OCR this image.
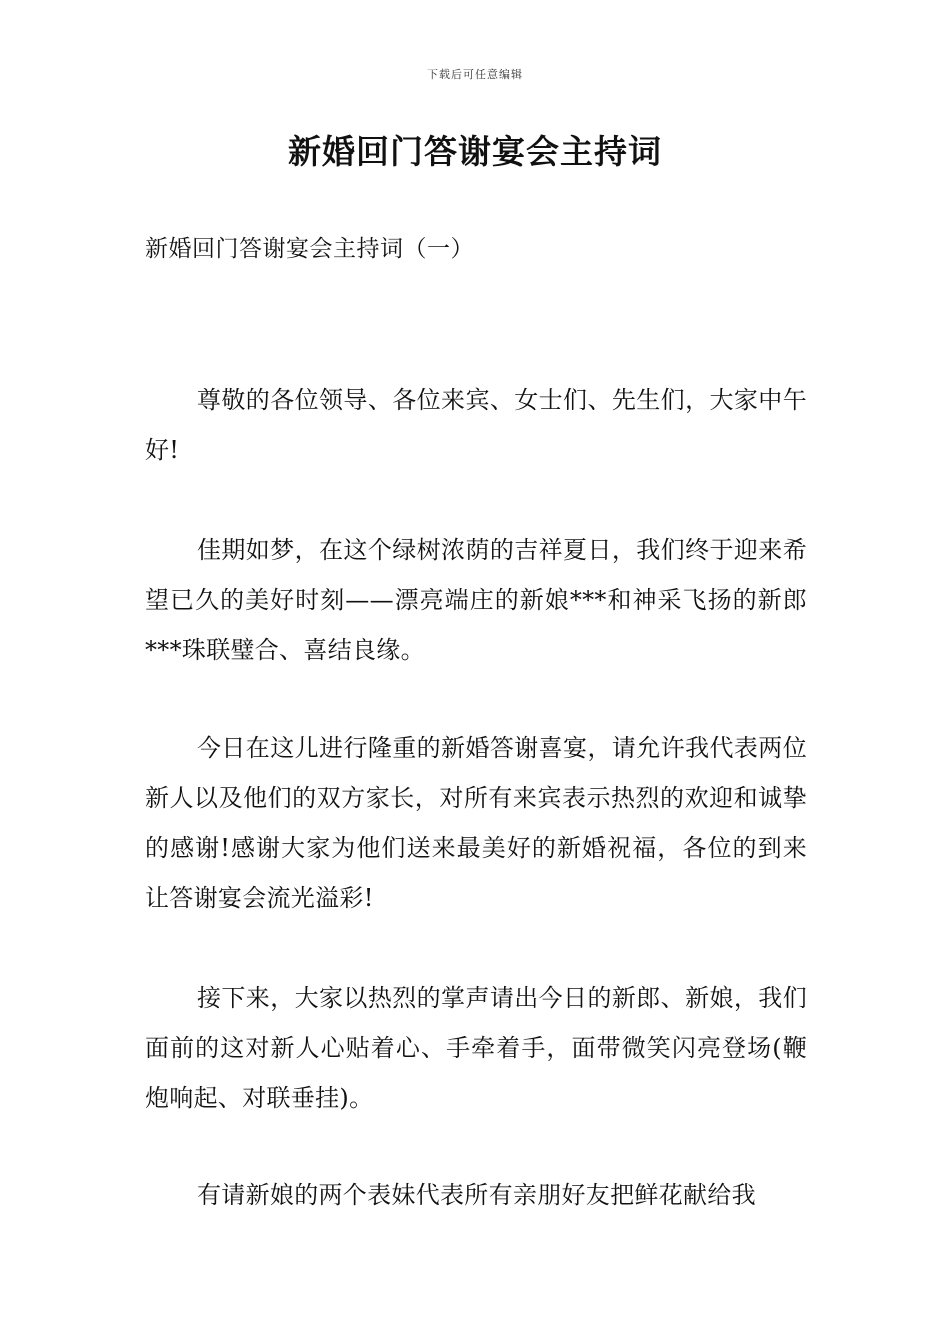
下载后可任意编辑
新婚回门答谢宴会主持词

新婚回门答谢宴会主持词（一）

尊敬的各位领导、各位来宾、女士们、先生们，大家中午好!

佳期如梦，在这个绿树浓荫的吉祥夏日，我们终于迎来希望已久的美好时刻——漂亮端庄的新娘***和神采飞扬的新郎***珠联璧合、喜结良缘。

今日在这儿进行隆重的新婚答谢喜宴，请允许我代表两位新人以及他们的双方家长，对所有来宾表示热烈的欢迎和诚挚的感谢!感谢大家为他们送来最美好的新婚祝福，各位的到来让答谢宴会流光溢彩!

接下来，大家以热烈的掌声请出今日的新郎、新娘，我们面前的这对新人心贴着心、手牵着手，面带微笑闪亮登场(鞭炮响起、对联垂挂)。

有请新娘的两个表妹代表所有亲朋好友把鲜花献给我
